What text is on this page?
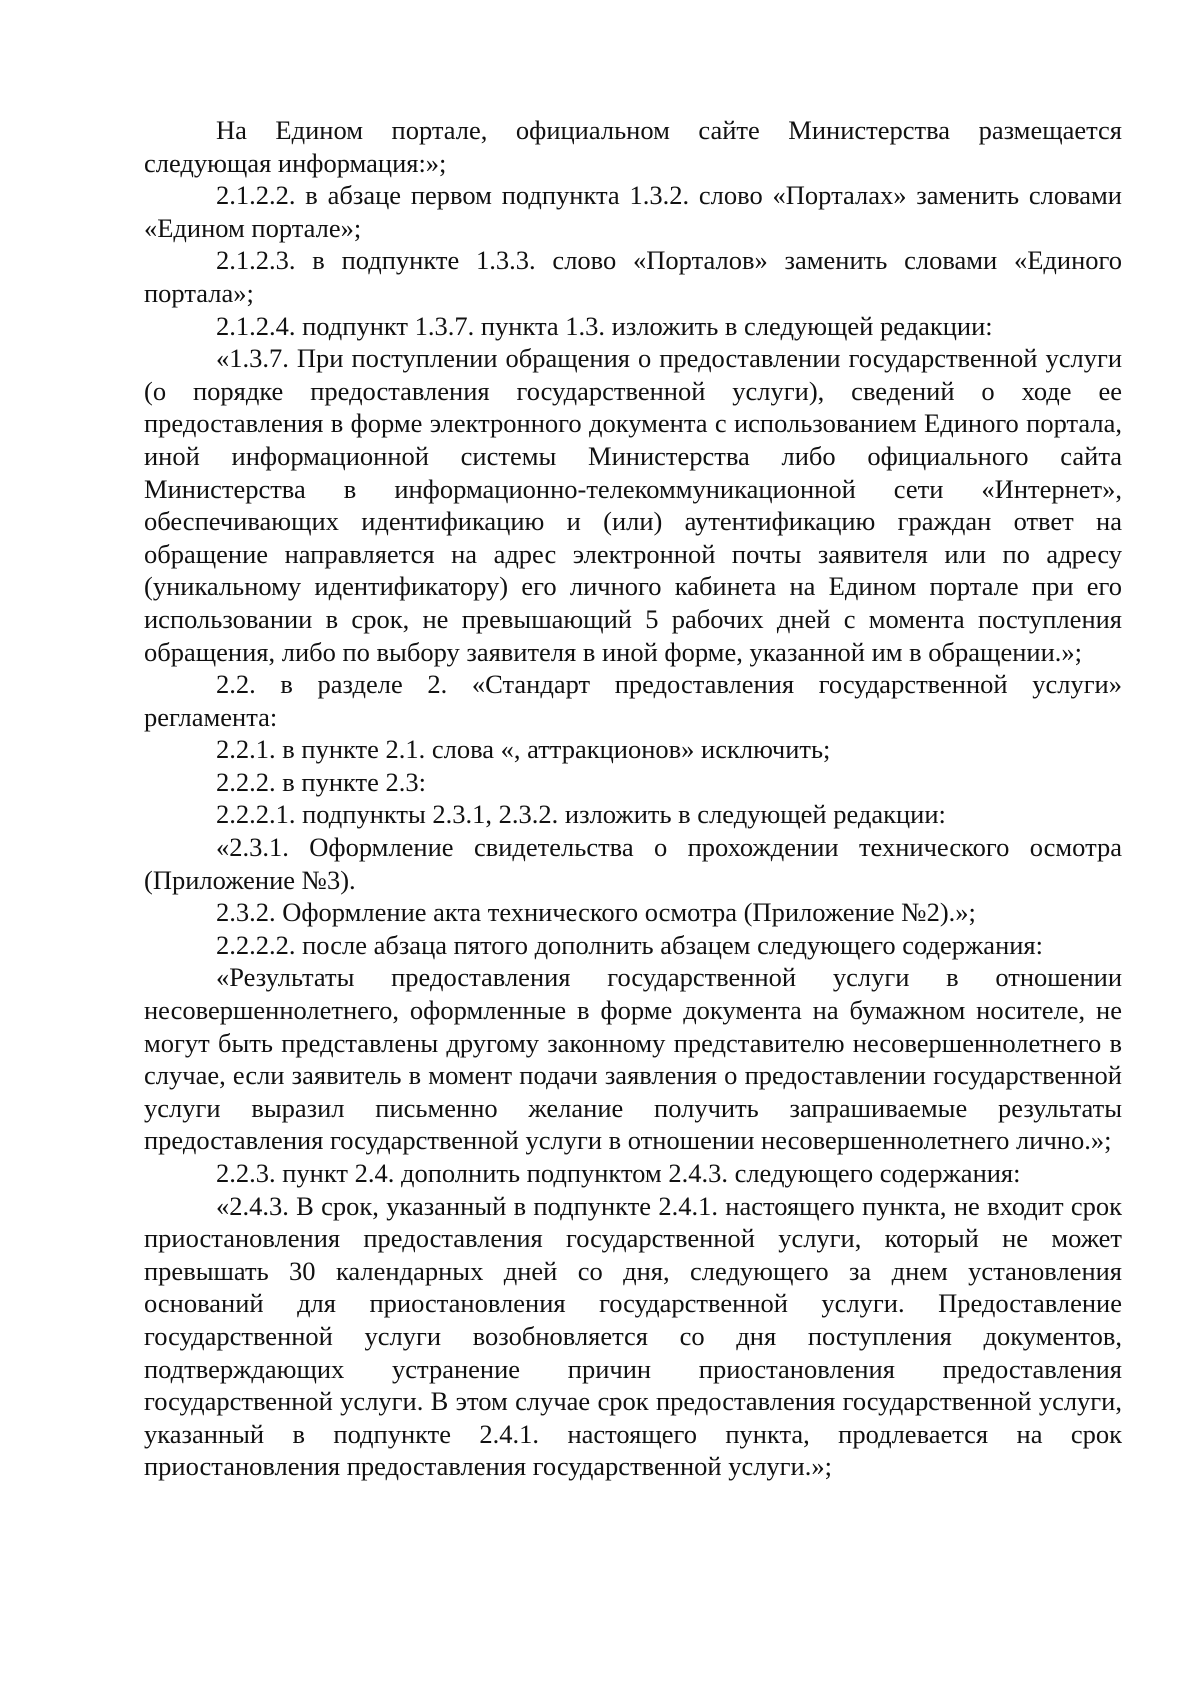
На Едином портале, официальном сайте Министерства размещается следующая информация:»;

2.1.2.2. в абзаце первом подпункта 1.3.2. слово «Порталах» заменить словами «Едином портале»;

2.1.2.3. в подпункте 1.3.3. слово «Порталов» заменить словами «Единого портала»;

2.1.2.4. подпункт 1.3.7. пункта 1.3. изложить в следующей редакции:

«1.3.7. При поступлении обращения о предоставлении государственной услуги (о порядке предоставления государственной услуги), сведений о ходе ее предоставления в форме электронного документа с использованием Единого портала, иной информационной системы Министерства либо официального сайта Министерства в информационно-телекоммуникационной сети «Интернет», обеспечивающих идентификацию и (или) аутентификацию граждан ответ на обращение направляется на адрес электронной почты заявителя или по адресу (уникальному идентификатору) его личного кабинета на Едином портале при его использовании в срок, не превышающий 5 рабочих дней с момента поступления обращения, либо по выбору заявителя в иной форме, указанной им в обращении.»;

2.2. в разделе 2. «Стандарт предоставления государственной услуги» регламента:

2.2.1. в пункте 2.1. слова «, аттракционов» исключить;

2.2.2. в пункте 2.3:

2.2.2.1. подпункты 2.3.1, 2.3.2. изложить в следующей редакции:

«2.3.1. Оформление свидетельства о прохождении технического осмотра (Приложение №3).

2.3.2. Оформление акта технического осмотра (Приложение №2).»;

2.2.2.2. после абзаца пятого дополнить абзацем следующего содержания:

«Результаты предоставления государственной услуги в отношении несовершеннолетнего, оформленные в форме документа на бумажном носителе, не могут быть представлены другому законному представителю несовершеннолетнего в случае, если заявитель в момент подачи заявления о предоставлении государственной услуги выразил письменно желание получить запрашиваемые результаты предоставления государственной услуги в отношении несовершеннолетнего лично.»;

2.2.3. пункт 2.4. дополнить подпунктом 2.4.3. следующего содержания:

«2.4.3. В срок, указанный в подпункте 2.4.1. настоящего пункта, не входит срок приостановления предоставления государственной услуги, который не может превышать 30 календарных дней со дня, следующего за днем установления оснований для приостановления государственной услуги. Предоставление государственной услуги возобновляется со дня поступления документов, подтверждающих устранение причин приостановления предоставления государственной услуги. В этом случае срок предоставления государственной услуги, указанный в подпункте 2.4.1. настоящего пункта, продлевается на срок приостановления предоставления государственной услуги.»;
